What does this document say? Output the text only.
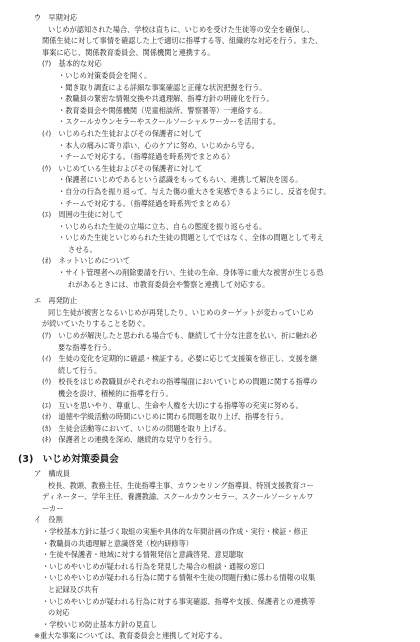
ウ　早期対応
いじめが認知された場合、学校は直ちに、いじめを受けた生徒等の安全を確保し、
関係生徒に対して事情を確認した上で適切に指導する等、組織的な対応を行う。また、
事案に応じ、関係教育委員会、関係機関と連携する。
(ｱ)　基本的な対応
・いじめ対策委員会を開く。
・聞き取り調査による詳細な事案確認と正確な状況把握を行う。
・教職員の緊密な情報交換や共通理解、指導方針の明確化を行う。
・教育委員会や関係機関（児童相談所、警察署等）一連絡する。
・スクールカウンセラーやスクールソーシャルワーカーを活用する。
(ｲ)　いじめられた生徒およびその保護者に対して
・本人の痛みに寄り添い、心のケアに努め、いじめから守る。
・チームで対応する。（指導経過を時系列でまとめる）
(ｳ)　いじめている生徒およびその保護者に対して
・保護者にいじめであるという認識をもってもらい、連携して解決を図る。
・自分の行為を振り返って、与えた傷の重大さを実感できるようにし、反省を促す。
・チームで対応する。（指導経過を時系列でまとめる）
(ｴ)　周囲の生徒に対して
・いじめられた生徒の立場に立ち、自らの態度を振り返らせる。
・いじめた生徒といじめられた生徒の問題としてではなく、全体の問題として考え
させる。
(ｵ)　ネットいじめについて
・サイト管理者への削除要請を行い、生徒の生命、身体等に重大な被害が生じる恐
れがあるときには、市教育委員会や警察と連携して対応する。
エ　再発防止
同じ生徒が被害となるいじめが再発したり、いじめのターゲットが変わっていじめ
が続いていたりすることを防ぐ。
(ｱ)　いじめが解決したと思われる場合でも、継続して十分な注意を払い、折に触れ必
要な指導を行う。
(ｲ)　生徒の変化を定期的に確認・検証する。必要に応じて支援策を修正し、支援を継
続して行う。
(ｳ)　校長をはじめ教職員がそれぞれの指導場面においていじめの問題に関する指導の
機会を設け、積極的に指導を行う。
(ｴ)　互いを思いやり、尊重し、生命や人権を大切にする指導等の充実に努める。
(ｵ)　道徳や学級活動の時間にいじめに関わる問題を取り上げ、指導を行う。
(ｶ)　生徒会活動等において、いじめの問題を取り上げる。
(ｷ)　保護者との連携を深め、継続的な見守りを行う。
(3)　いじめ対策委員会
ア　構成員
校長、教頭、教務主任、生徒指導主事、カウンセリング指導員、特別支援教育コー
ディネーター、学年主任、養護教諭、スクールカウンセラー、スクールソーシャルワ
ーカー
イ　役割
・学校基本方針に基づく取組の実施や具体的な年間計画の作成・実行・検証・修正
・教職員の共通理解と意識啓発（校内研修等）
・生徒や保護者・地域に対する情報発信と意識啓発、意見聴取
・いじめやいじめが疑われる行為を発見した場合の相談・通報の窓口
・いじめやいじめが疑われる行為に関する情報や生徒の問題行動に係わる情報の収集
と記録及び共有
・いじめやいじめが疑われる行為に対する事実確認、指導や支援、保護者との連携等
の対応
・学校いじめ防止基本方針の見直し
※重大な事案については、教育委員会と連携して対応する。
